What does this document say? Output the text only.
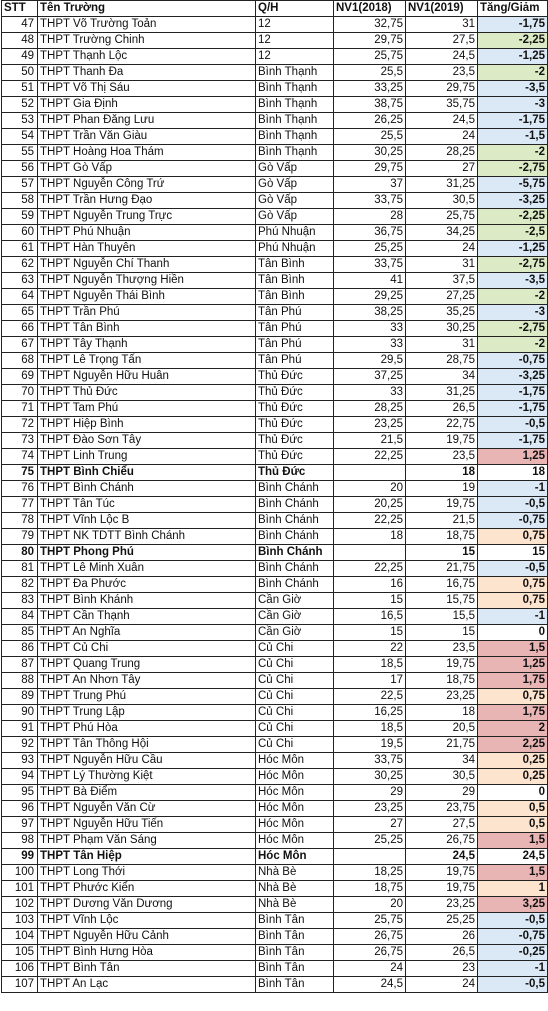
STT	Tên Trường	Q/H	NV1(2018)	NV1(2019)	Tăng/Giảm
47	THPT Võ Trường Toản	12	32,75	31	-1,75
48	THPT Trường Chinh	12	29,75	27,5	-2,25
49	THPT Thạnh Lộc	12	25,75	24,5	-1,25
50	THPT Thanh Đa	Bình Thạnh	25,5	23,5	-2
51	THPT Võ Thị Sáu	Bình Thạnh	33,25	29,75	-3,5
52	THPT Gia Định	Bình Thạnh	38,75	35,75	-3
53	THPT Phan Đăng Lưu	Bình Thạnh	26,25	24,5	-1,75
54	THPT Trần Văn Giàu	Bình Thạnh	25,5	24	-1,5
55	THPT Hoàng Hoa Thám	Bình Thạnh	30,25	28,25	-2
56	THPT Gò Vấp	Gò Vấp	29,75	27	-2,75
57	THPT Nguyễn Công Trứ	Gò Vấp	37	31,25	-5,75
58	THPT Trần Hưng Đạo	Gò Vấp	33,75	30,5	-3,25
59	THPT Nguyễn Trung Trực	Gò Vấp	28	25,75	-2,25
60	THPT Phú Nhuận	Phú Nhuận	36,75	34,25	-2,5
61	THPT Hàn Thuyên	Phú Nhuận	25,25	24	-1,25
62	THPT Nguyễn Chí Thanh	Tân Bình	33,75	31	-2,75
63	THPT Nguyễn Thượng Hiền	Tân Bình	41	37,5	-3,5
64	THPT Nguyễn Thái Bình	Tân Bình	29,25	27,25	-2
65	THPT Trần Phú	Tân Phú	38,25	35,25	-3
66	THPT Tân Bình	Tân Phú	33	30,25	-2,75
67	THPT Tây Thạnh	Tân Phú	33	31	-2
68	THPT Lê Trọng Tấn	Tân Phú	29,5	28,75	-0,75
69	THPT Nguyễn Hữu Huân	Thủ Đức	37,25	34	-3,25
70	THPT Thủ Đức	Thủ Đức	33	31,25	-1,75
71	THPT Tam Phú	Thủ Đức	28,25	26,5	-1,75
72	THPT Hiệp Bình	Thủ Đức	23,25	22,75	-0,5
73	THPT Đào Sơn Tây	Thủ Đức	21,5	19,75	-1,75
74	THPT Linh Trung	Thủ Đức	22,25	23,5	1,25
75	THPT Bình Chiểu	Thủ Đức		18	18
76	THPT Bình Chánh	Bình Chánh	20	19	-1
77	THPT Tân Túc	Bình Chánh	20,25	19,75	-0,5
78	THPT Vĩnh Lộc B	Bình Chánh	22,25	21,5	-0,75
79	THPT NK TDTT Bình Chánh	Bình Chánh	18	18,75	0,75
80	THPT Phong Phú	Bình Chánh		15	15
81	THPT Lê Minh Xuân	Bình Chánh	22,25	21,75	-0,5
82	THPT Đa Phước	Bình Chánh	16	16,75	0,75
83	THPT Bình Khánh	Cần Giờ	15	15,75	0,75
84	THPT Cần Thạnh	Cần Giờ	16,5	15,5	-1
85	THPT An Nghĩa	Cần Giờ	15	15	0
86	THPT Củ Chi	Củ Chi	22	23,5	1,5
87	THPT Quang Trung	Củ Chi	18,5	19,75	1,25
88	THPT An Nhơn Tây	Củ Chi	17	18,75	1,75
89	THPT Trung Phú	Củ Chi	22,5	23,25	0,75
90	THPT Trung Lập	Củ Chi	16,25	18	1,75
91	THPT Phú Hòa	Củ Chi	18,5	20,5	2
92	THPT Tân Thông Hội	Củ Chi	19,5	21,75	2,25
93	THPT Nguyễn Hữu Cầu	Hóc Môn	33,75	34	0,25
94	THPT Lý Thường Kiệt	Hóc Môn	30,25	30,5	0,25
95	THPT Bà Điểm	Hóc Môn	29	29	0
96	THPT Nguyễn Văn Cừ	Hóc Môn	23,25	23,75	0,5
97	THPT Nguyễn Hữu Tiến	Hóc Môn	27	27,5	0,5
98	THPT Phạm Văn Sáng	Hóc Môn	25,25	26,75	1,5
99	THPT Tân Hiệp	Hóc Môn		24,5	24,5
100	THPT Long Thới	Nhà Bè	18,25	19,75	1,5
101	THPT Phước Kiển	Nhà Bè	18,75	19,75	1
102	THPT Dương Văn Dương	Nhà Bè	20	23,25	3,25
103	THPT Vĩnh Lộc	Bình Tân	25,75	25,25	-0,5
104	THPT Nguyễn Hữu Cảnh	Bình Tân	26,75	26	-0,75
105	THPT Bình Hưng Hòa	Bình Tân	26,75	26,5	-0,25
106	THPT Bình Tân	Bình Tân	24	23	-1
107	THPT An Lạc	Bình Tân	24,5	24	-0,5
